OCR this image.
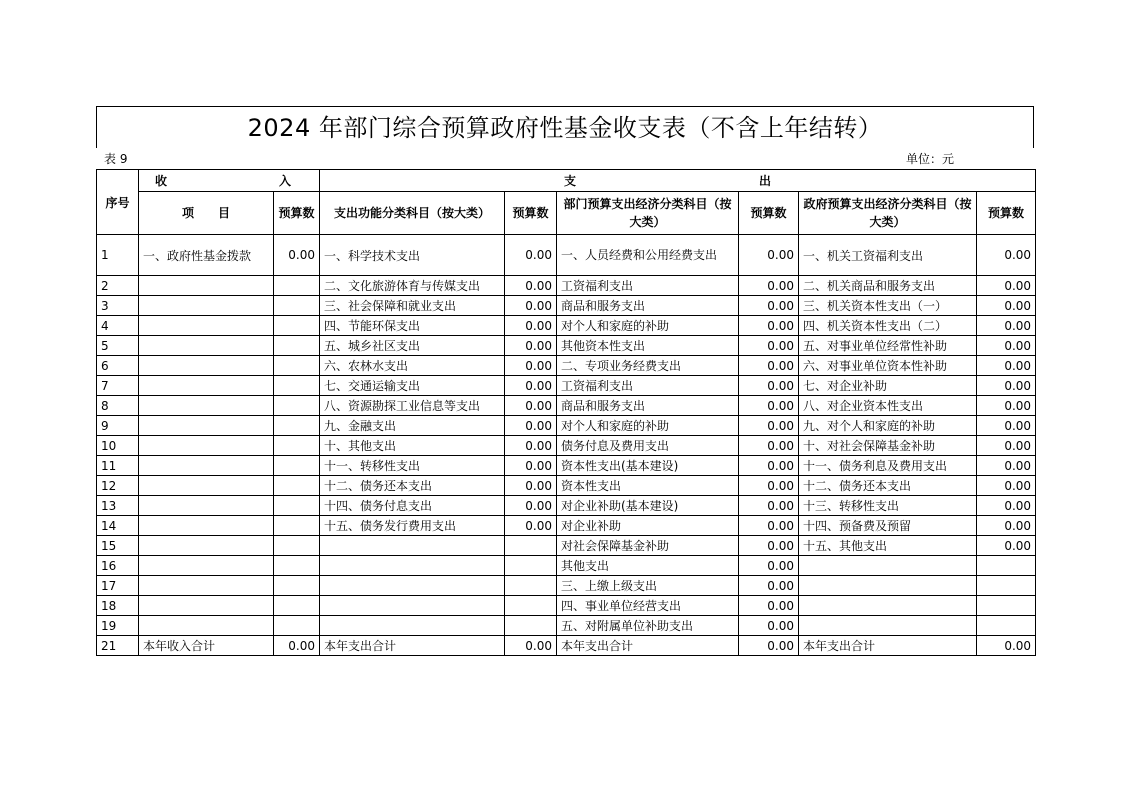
2024 年部门综合预算政府性基金收支表（不含上年结转）
表 9	单位：元
序号	收 入		支 出					

	项　　目	预算数	支出功能分类科目（按大类）	预算数	部门预算支出经济分类科目（按大类）	预算数	政府预算支出经济分类科目（按大类）	预算数
1	一、政府性基金拨款	0.00	一、科学技术支出	0.00	一、人员经费和公用经费支出	0.00	一、机关工资福利支出	0.00
2			二、文化旅游体育与传媒支出	0.00	工资福利支出	0.00	二、机关商品和服务支出	0.00
3			三、社会保障和就业支出	0.00	商品和服务支出	0.00	三、机关资本性支出（一）	0.00
4			四、节能环保支出	0.00	对个人和家庭的补助	0.00	四、机关资本性支出（二）	0.00
5			五、城乡社区支出	0.00	其他资本性支出	0.00	五、对事业单位经常性补助	0.00
6			六、农林水支出	0.00	二、专项业务经费支出	0.00	六、对事业单位资本性补助	0.00
7			七、交通运输支出	0.00	工资福利支出	0.00	七、对企业补助	0.00
8			八、资源勘探工业信息等支出	0.00	商品和服务支出	0.00	八、对企业资本性支出	0.00
9			九、金融支出	0.00	对个人和家庭的补助	0.00	九、对个人和家庭的补助	0.00
10			十、其他支出	0.00	债务付息及费用支出	0.00	十、对社会保障基金补助	0.00
11			十一、转移性支出	0.00	资本性支出(基本建设)	0.00	十一、债务利息及费用支出	0.00
12			十二、债务还本支出	0.00	资本性支出	0.00	十二、债务还本支出	0.00
13			十四、债务付息支出	0.00	对企业补助(基本建设)	0.00	十三、转移性支出	0.00
14			十五、债务发行费用支出	0.00	对企业补助	0.00	十四、预备费及预留	0.00
15					对社会保障基金补助	0.00	十五、其他支出	0.00
16					其他支出	0.00		
17					三、上缴上级支出	0.00		
18					四、事业单位经营支出	0.00		
19					五、对附属单位补助支出	0.00		
21	本年收入合计	0.00	本年支出合计	0.00	本年支出合计	0.00	本年支出合计	0.00
